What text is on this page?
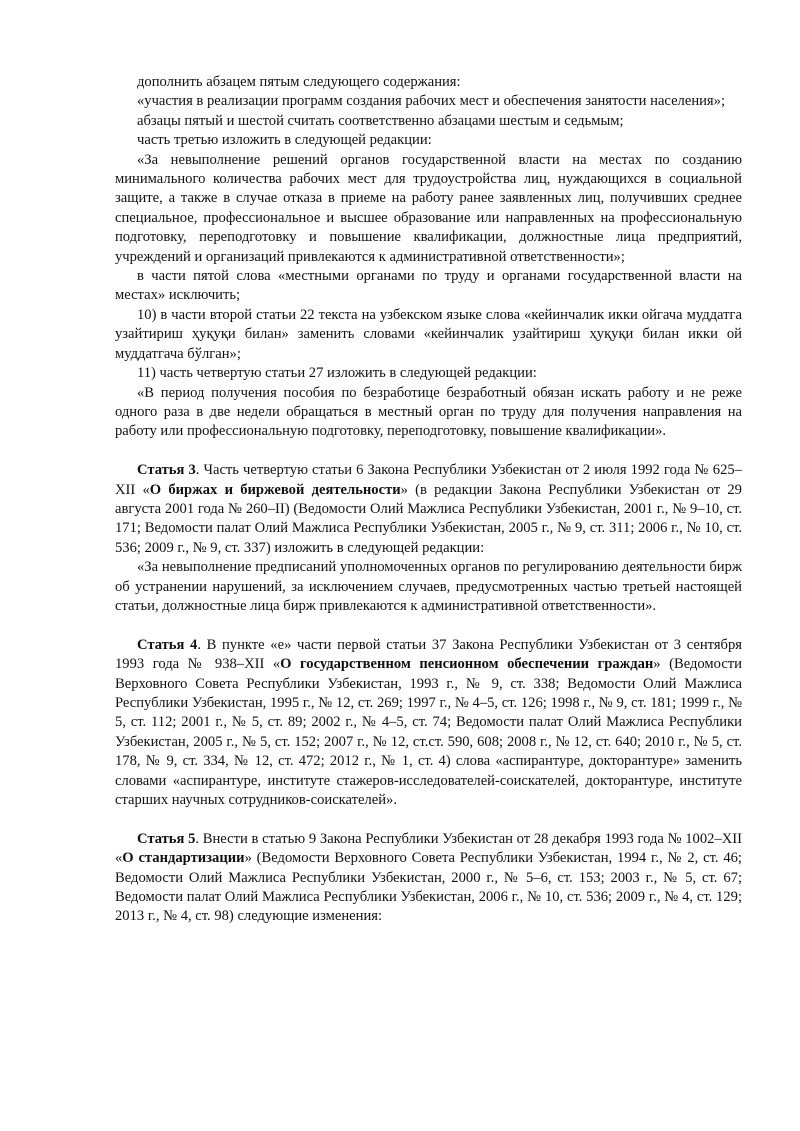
дополнить абзацем пятым следующего содержания:

«участия в реализации программ создания рабочих мест и обеспечения занятости населения»;

абзацы пятый и шестой считать соответственно абзацами шестым и седьмым;

часть третью изложить в следующей редакции:

«За невыполнение решений органов государственной власти на местах по созданию минимального количества рабочих мест для трудоустройства лиц, нуждающихся в социальной защите, а также в случае отказа в приеме на работу ранее заявленных лиц, получивших среднее специальное, профессиональное и высшее образование или направленных на профессиональную подготовку, переподготовку и повышение квалификации, должностные лица предприятий, учреждений и организаций привлекаются к административной ответственности»;

в части пятой слова «местными органами по труду и органами государственной власти на местах» исключить;

10) в части второй статьи 22 текста на узбекском языке слова «кейинчалик икки ойгача муддатга узайтириш ҳуқуқи билан» заменить словами «кейинчалик узайтириш ҳуқуқи билан икки ой муддатгача бўлган»;

11) часть четвертую статьи 27 изложить в следующей редакции:

«В период получения пособия по безработице безработный обязан искать работу и не реже одного раза в две недели обращаться в местный орган по труду для получения направления на работу или профессиональную подготовку, переподготовку, повышение квалификации».

Статья 3. Часть четвертую статьи 6 Закона Республики Узбекистан от 2 июля 1992 года № 625–XII «О биржах и биржевой деятельности» (в редакции Закона Республики Узбекистан от 29 августа 2001 года № 260–II) (Ведомости Олий Мажлиса Республики Узбекистан, 2001 г., № 9–10, ст. 171; Ведомости палат Олий Мажлиса Республики Узбекистан, 2005 г., № 9, ст. 311; 2006 г., № 10, ст. 536; 2009 г., № 9, ст. 337) изложить в следующей редакции:

«За невыполнение предписаний уполномоченных органов по регулированию деятельности бирж об устранении нарушений, за исключением случаев, предусмотренных частью третьей настоящей статьи, должностные лица бирж привлекаются к административной ответственности».

Статья 4. В пункте «е» части первой статьи 37 Закона Республики Узбекистан от 3 сентября 1993 года № 938–XII «О государственном пенсионном обеспечении граждан» (Ведомости Верховного Совета Республики Узбекистан, 1993 г., № 9, ст. 338; Ведомости Олий Мажлиса Республики Узбекистан, 1995 г., № 12, ст. 269; 1997 г., № 4–5, ст. 126; 1998 г., № 9, ст. 181; 1999 г., № 5, ст. 112; 2001 г., № 5, ст. 89; 2002 г., № 4–5, ст. 74; Ведомости палат Олий Мажлиса Республики Узбекистан, 2005 г., № 5, ст. 152; 2007 г., № 12, ст.ст. 590, 608; 2008 г., № 12, ст. 640; 2010 г., № 5, ст. 178, № 9, ст. 334, № 12, ст. 472; 2012 г., № 1, ст. 4) слова «аспирантуре, докторантуре» заменить словами «аспирантуре, институте стажеров-исследователей-соискателей, докторантуре, институте старших научных сотрудников-соискателей».

Статья 5. Внести в статью 9 Закона Республики Узбекистан от 28 декабря 1993 года № 1002–XII «О стандартизации» (Ведомости Верховного Совета Республики Узбекистан, 1994 г., № 2, ст. 46; Ведомости Олий Мажлиса Республики Узбекистан, 2000 г., № 5–6, ст. 153; 2003 г., № 5, ст. 67; Ведомости палат Олий Мажлиса Республики Узбекистан, 2006 г., № 10, ст. 536; 2009 г., № 4, ст. 129; 2013 г., № 4, ст. 98) следующие изменения:
